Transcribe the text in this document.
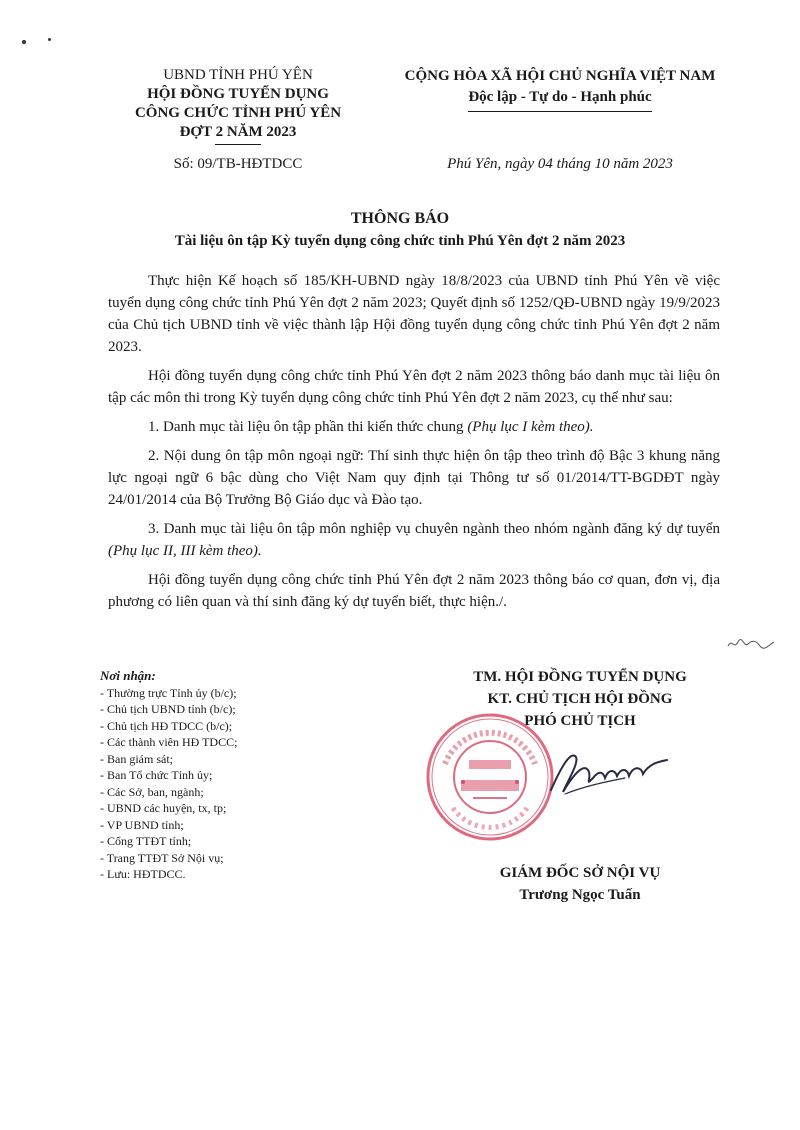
UBND TỈNH PHÚ YÊN
HỘI ĐỒNG TUYỂN DỤNG
CÔNG CHỨC TỈNH PHÚ YÊN
ĐỢT 2 NĂM 2023
Số: 09/TB-HĐTDCC
CỘNG HÒA XÃ HỘI CHỦ NGHĨA VIỆT NAM
Độc lập - Tự do - Hạnh phúc
Phú Yên, ngày 04 tháng 10 năm 2023
THÔNG BÁO
Tài liệu ôn tập Kỳ tuyển dụng công chức tỉnh Phú Yên đợt 2 năm 2023

Thực hiện Kế hoạch số 185/KH-UBND ngày 18/8/2023 của UBND tỉnh Phú Yên về việc tuyển dụng công chức tỉnh Phú Yên đợt 2 năm 2023; Quyết định số 1252/QĐ-UBND ngày 19/9/2023 của Chủ tịch UBND tỉnh về việc thành lập Hội đồng tuyển dụng công chức tỉnh Phú Yên đợt 2 năm 2023.

Hội đồng tuyển dụng công chức tỉnh Phú Yên đợt 2 năm 2023 thông báo danh mục tài liệu ôn tập các môn thi trong Kỳ tuyển dụng công chức tỉnh Phú Yên đợt 2 năm 2023, cụ thể như sau:

1. Danh mục tài liệu ôn tập phần thi kiến thức chung (Phụ lục I kèm theo).

2. Nội dung ôn tập môn ngoại ngữ: Thí sinh thực hiện ôn tập theo trình độ Bậc 3 khung năng lực ngoại ngữ 6 bậc dùng cho Việt Nam quy định tại Thông tư số 01/2014/TT-BGDĐT ngày 24/01/2014 của Bộ Trưởng Bộ Giáo dục và Đào tạo.

3. Danh mục tài liệu ôn tập môn nghiệp vụ chuyên ngành theo nhóm ngành đăng ký dự tuyển (Phụ lục II, III kèm theo).

Hội đồng tuyển dụng công chức tỉnh Phú Yên đợt 2 năm 2023 thông báo cơ quan, đơn vị, địa phương có liên quan và thí sinh đăng ký dự tuyển biết, thực hiện./.

Nơi nhận:
- Thường trực Tỉnh ủy (b/c);
- Chủ tịch UBND tỉnh (b/c);
- Chủ tịch HĐ TDCC (b/c);
- Các thành viên HĐ TDCC;
- Ban giám sát;
- Ban Tổ chức Tỉnh ủy;
- Các Sở, ban, ngành;
- UBND các huyện, tx, tp;
- VP UBND tỉnh;
- Cổng TTĐT tỉnh;
- Trang TTĐT Sở Nội vụ;
- Lưu: HĐTDCC.
TM. HỘI ĐỒNG TUYỂN DỤNG
KT. CHỦ TỊCH HỘI ĐỒNG
PHÓ CHỦ TỊCH
GIÁM ĐỐC SỞ NỘI VỤ
Trương Ngọc Tuấn
